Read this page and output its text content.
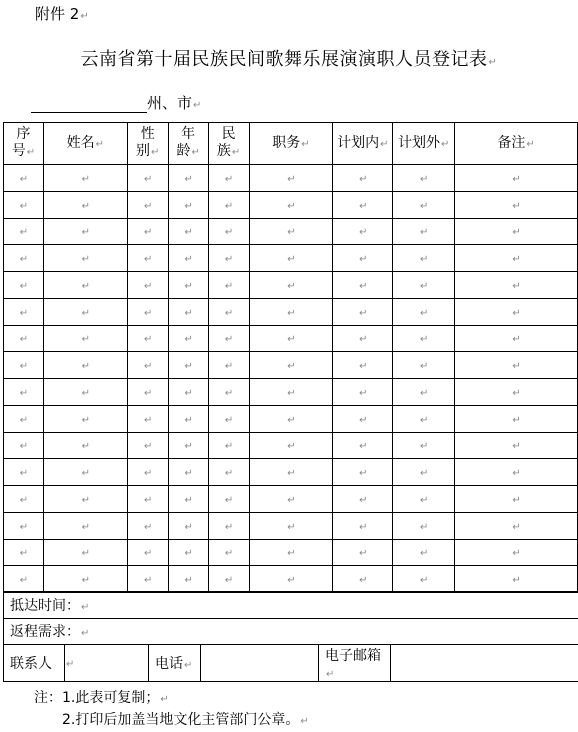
附件 2↵
云南省第十届民族民间歌舞乐展演演职人员登记表↵
州、市↵
序
号↵	姓名↵	性
别↵	年
龄↵	民
族↵	职务↵	计划内↵	计划外↵	备注↵
↵	↵	↵	↵	↵	↵	↵	↵	↵
↵	↵	↵	↵	↵	↵	↵	↵	↵
↵	↵	↵	↵	↵	↵	↵	↵	↵
↵	↵	↵	↵	↵	↵	↵	↵	↵
↵	↵	↵	↵	↵	↵	↵	↵	↵
↵	↵	↵	↵	↵	↵	↵	↵	↵
↵	↵	↵	↵	↵	↵	↵	↵	↵
↵	↵	↵	↵	↵	↵	↵	↵	↵
↵	↵	↵	↵	↵	↵	↵	↵	↵
↵	↵	↵	↵	↵	↵	↵	↵	↵
↵	↵	↵	↵	↵	↵	↵	↵	↵
↵	↵	↵	↵	↵	↵	↵	↵	↵
↵	↵	↵	↵	↵	↵	↵	↵	↵
↵	↵	↵	↵	↵	↵	↵	↵	↵
↵	↵	↵	↵	↵	↵	↵	↵	↵
↵	↵	↵	↵	↵	↵	↵	↵	↵
抵达时间：↵
返程需求：↵
联系人	↵	电话↵		电子邮箱↵	
注：1.此表可复制；↵
2.打印后加盖当地文化主管部门公章。↵
